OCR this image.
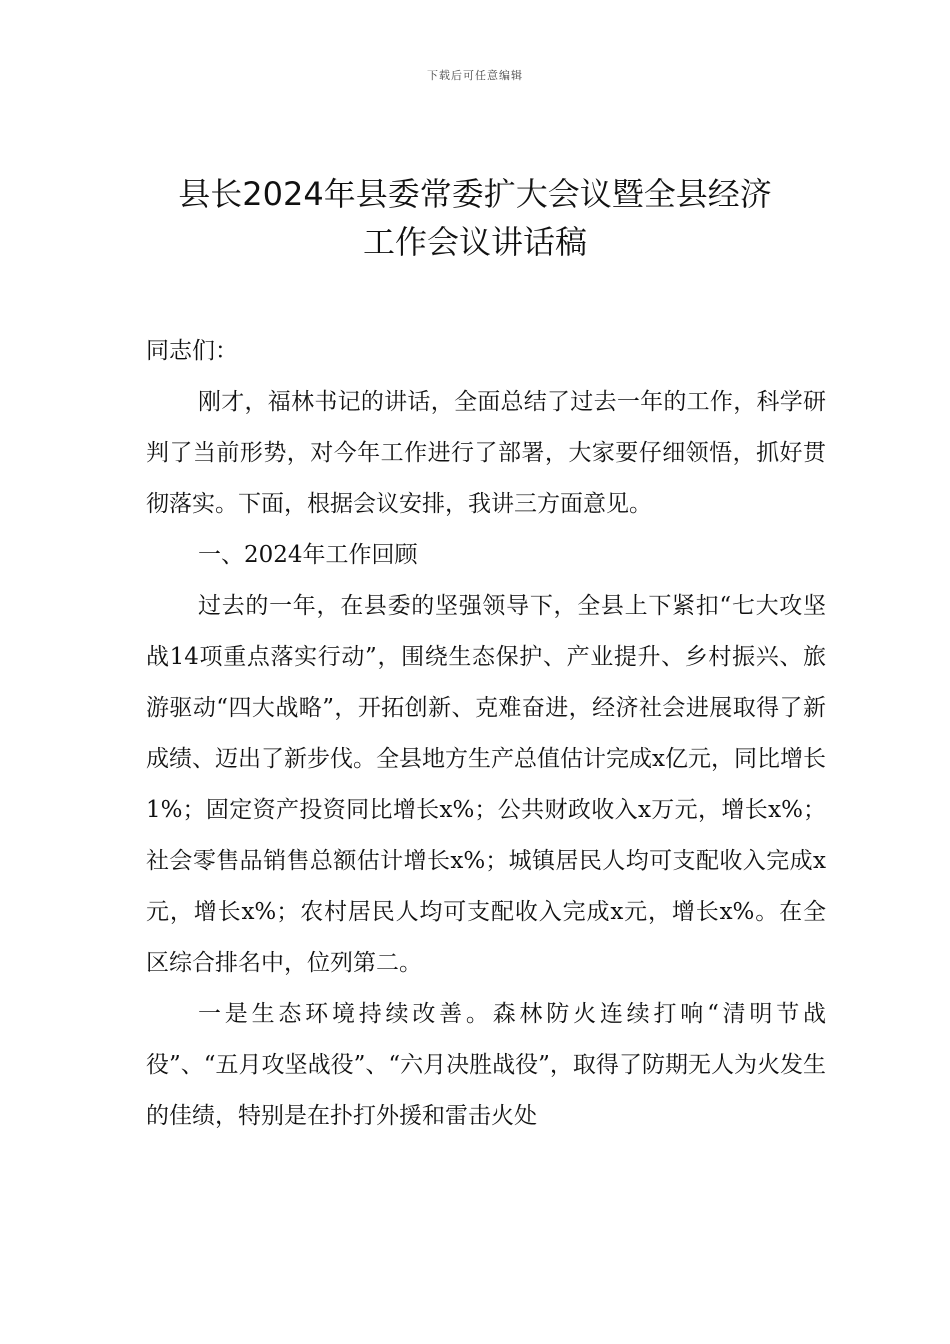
下载后可任意编辑
县长2024年县委常委扩大会议暨全县经济
工作会议讲话稿

同志们：

刚才，福林书记的讲话，全面总结了过去一年的工作，科学研判了当前形势，对今年工作进行了部署，大家要仔细领悟，抓好贯彻落实。下面，根据会议安排，我讲三方面意见。

一、2024年工作回顾

过去的一年，在县委的坚强领导下，全县上下紧扣“七大攻坚战14项重点落实行动”，围绕生态保护、产业提升、乡村振兴、旅游驱动“四大战略”，开拓创新、克难奋进，经济社会进展取得了新成绩、迈出了新步伐。全县地方生产总值估计完成x亿元，同比增长1%；固定资产投资同比增长x%；公共财政收入x万元，增长x%；社会零售品销售总额估计增长x%；城镇居民人均可支配收入完成x元，增长x%；农村居民人均可支配收入完成x元，增长x%。在全区综合排名中，位列第二。

一是生态环境持续改善。森林防火连续打响“清明节战役”、“五月攻坚战役”、“六月决胜战役”，取得了防期无人为火发生的佳绩，特别是在扑打外援和雷击火处
